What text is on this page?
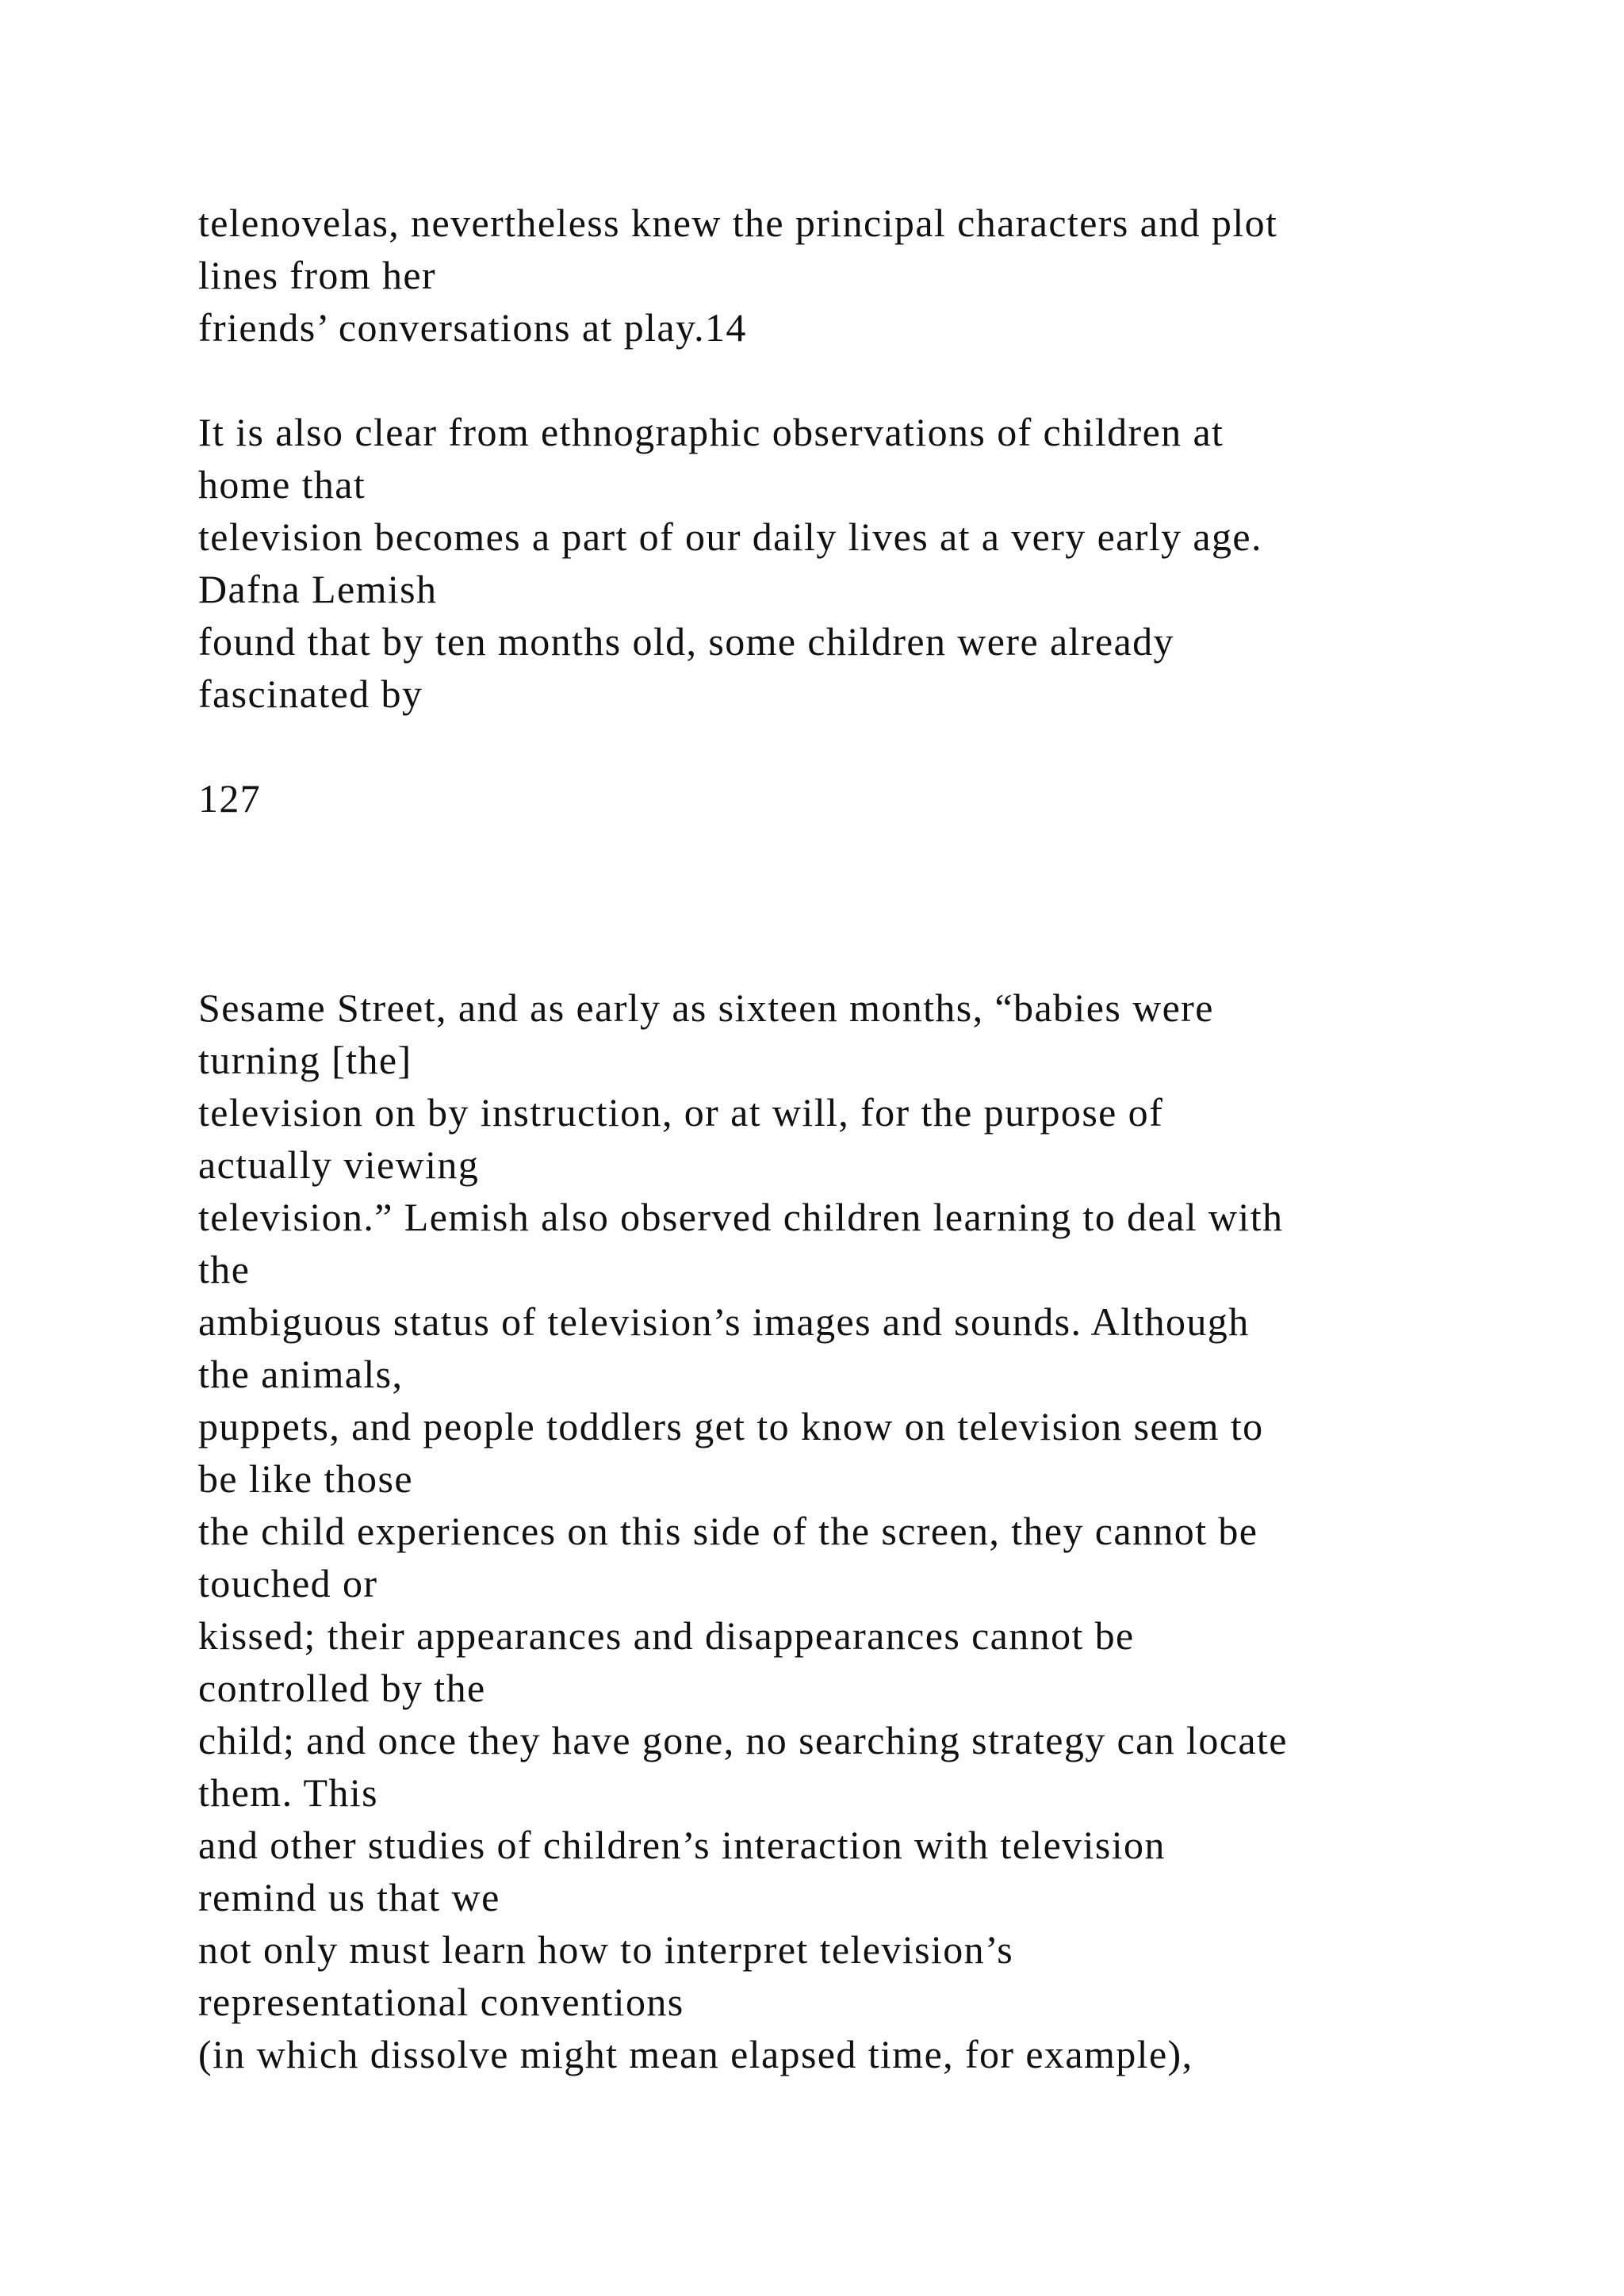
telenovelas, nevertheless knew the principal characters and plot
lines from her
friends’ conversations at play.14
It is also clear from ethnographic observations of children at
home that
television becomes a part of our daily lives at a very early age.
Dafna Lemish
found that by ten months old, some children were already
fascinated by
127
Sesame Street, and as early as sixteen months, “babies were
turning [the]
television on by instruction, or at will, for the purpose of
actually viewing
television.” Lemish also observed children learning to deal with
the
ambiguous status of television’s images and sounds. Although
the animals,
puppets, and people toddlers get to know on television seem to
be like those
the child experiences on this side of the screen, they cannot be
touched or
kissed; their appearances and disappearances cannot be
controlled by the
child; and once they have gone, no searching strategy can locate
them. This
and other studies of children’s interaction with television
remind us that we
not only must learn how to interpret television’s
representational conventions
(in which dissolve might mean elapsed time, for example),
